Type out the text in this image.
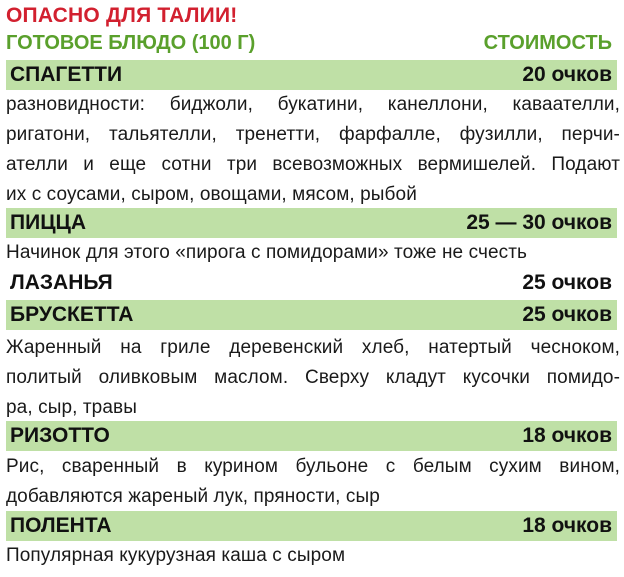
ОПАСНО ДЛЯ ТАЛИИ!
ГОТОВОЕ БЛЮДО (100 Г)	СТОИМОСТЬ
СПАГЕТТИ	20 очков
разновидности: биджоли, букатини, канеллони, каваателли,
ригатони, тальятелли, тренетти, фарфалле, фузилли, перчи-
ателли и еще сотни три всевозможных вермишелей. Подают
их с соусами, сыром, овощами, мясом, рыбой
ПИЦЦА	25 — 30 очков
Начинок для этого «пирога с помидорами» тоже не счесть
ЛАЗАНЬЯ	25 очков
БРУСКЕТТА	25 очков
Жаренный на гриле деревенский хлеб, натертый чесноком,
политый оливковым маслом. Сверху кладут кусочки помидо-
ра, сыр, травы
РИЗОТТО	18 очков
Рис, сваренный в курином бульоне с белым сухим вином,
добавляются жареный лук, пряности, сыр
ПОЛЕНТА	18 очков
Популярная кукурузная каша с сыром
